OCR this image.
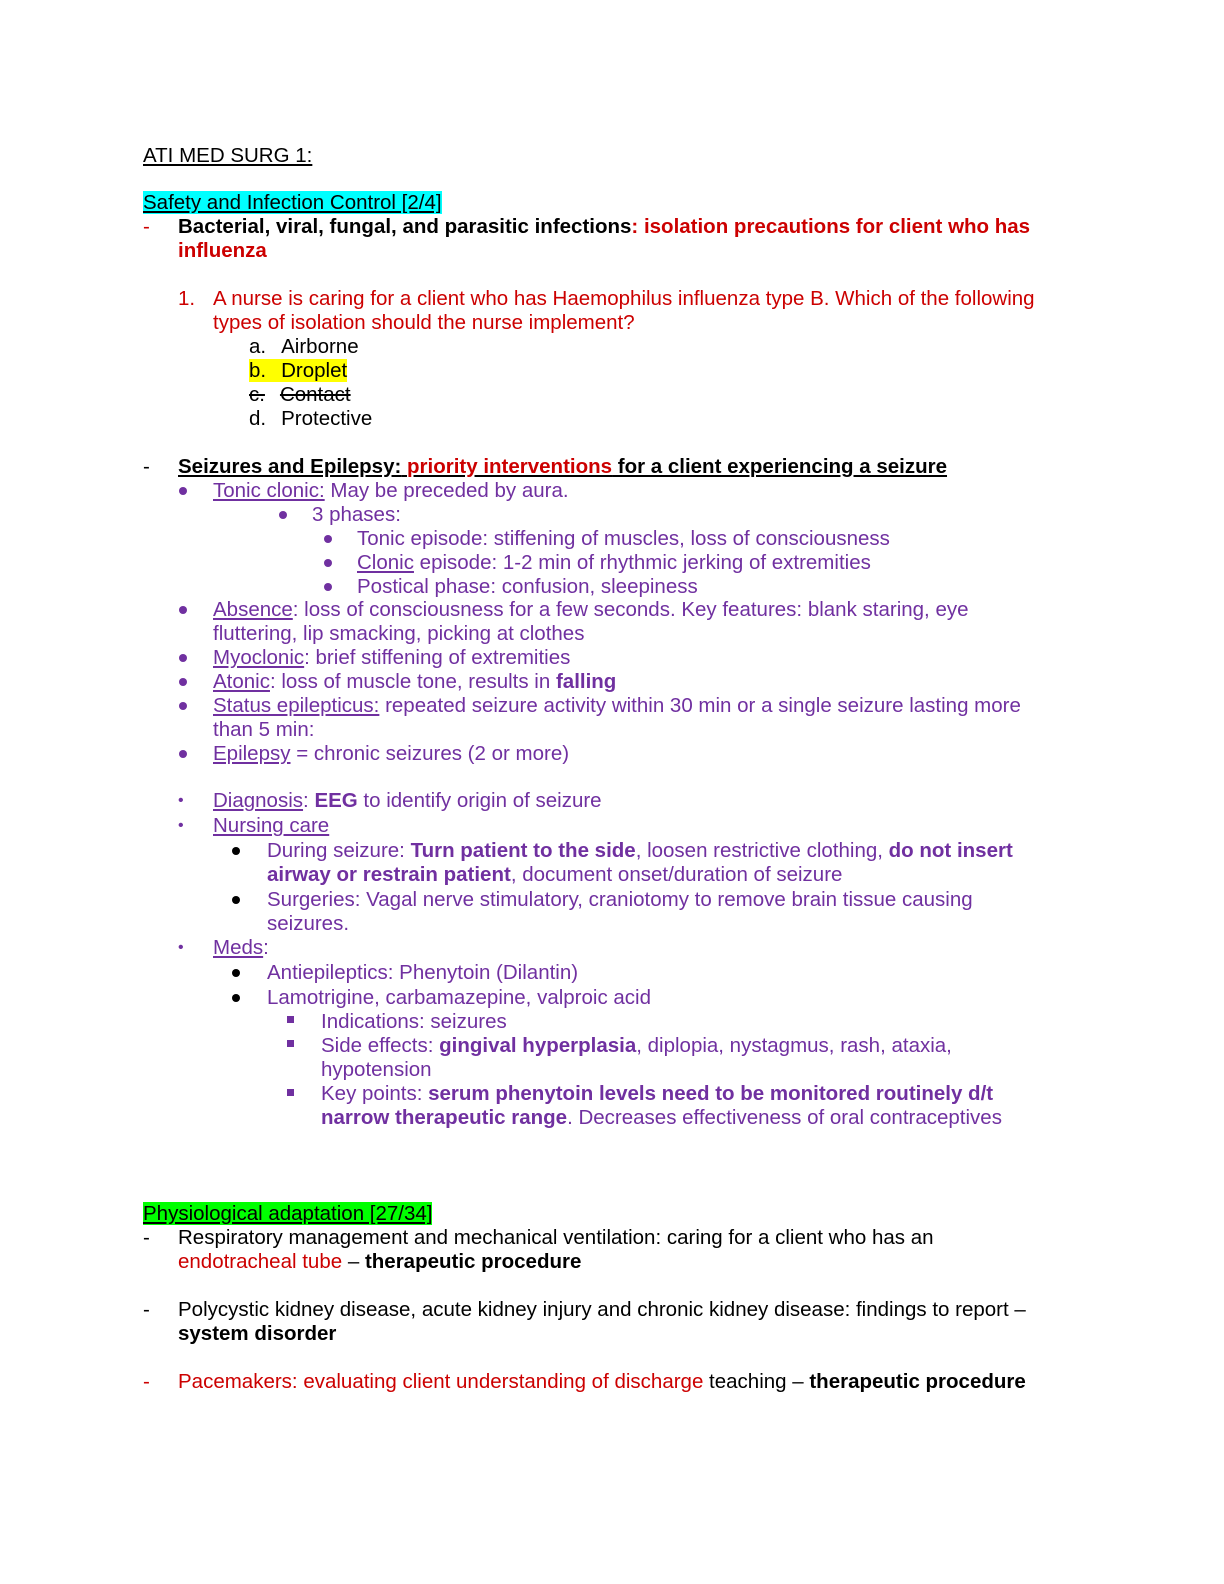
ATI MED SURG 1:
Safety and Infection Control [2/4]
- Bacterial, viral, fungal, and parasitic infections: isolation precautions for client who has
influenza
1. A nurse is caring for a client who has Haemophilus influenza type B. Which of the following
types of isolation should the nurse implement?
a. Airborne
b. Droplet
c. Contact
d. Protective
- Seizures and Epilepsy: priority interventions for a client experiencing a seizure
Tonic clonic: May be preceded by aura.
3 phases:
Tonic episode: stiffening of muscles, loss of consciousness
Clonic episode: 1-2 min of rhythmic jerking of extremities
Postical phase: confusion, sleepiness
Absence: loss of consciousness for a few seconds. Key features: blank staring, eye
fluttering, lip smacking, picking at clothes
Myoclonic: brief stiffening of extremities
Atonic: loss of muscle tone, results in falling
Status epilepticus: repeated seizure activity within 30 min or a single seizure lasting more
than 5 min:
Epilepsy = chronic seizures (2 or more)
• Diagnosis: EEG to identify origin of seizure
• Nursing care
During seizure: Turn patient to the side, loosen restrictive clothing, do not insert
airway or restrain patient, document onset/duration of seizure
Surgeries: Vagal nerve stimulatory, craniotomy to remove brain tissue causing
seizures.
• Meds:
Antiepileptics: Phenytoin (Dilantin)
Lamotrigine, carbamazepine, valproic acid
Indications: seizures
Side effects: gingival hyperplasia, diplopia, nystagmus, rash, ataxia,
hypotension
Key points: serum phenytoin levels need to be monitored routinely d/t
narrow therapeutic range. Decreases effectiveness of oral contraceptives
Physiological adaptation [27/34]
- Respiratory management and mechanical ventilation: caring for a client who has an
endotracheal tube – therapeutic procedure
- Polycystic kidney disease, acute kidney injury and chronic kidney disease: findings to report –
system disorder
- Pacemakers: evaluating client understanding of discharge teaching – therapeutic procedure
